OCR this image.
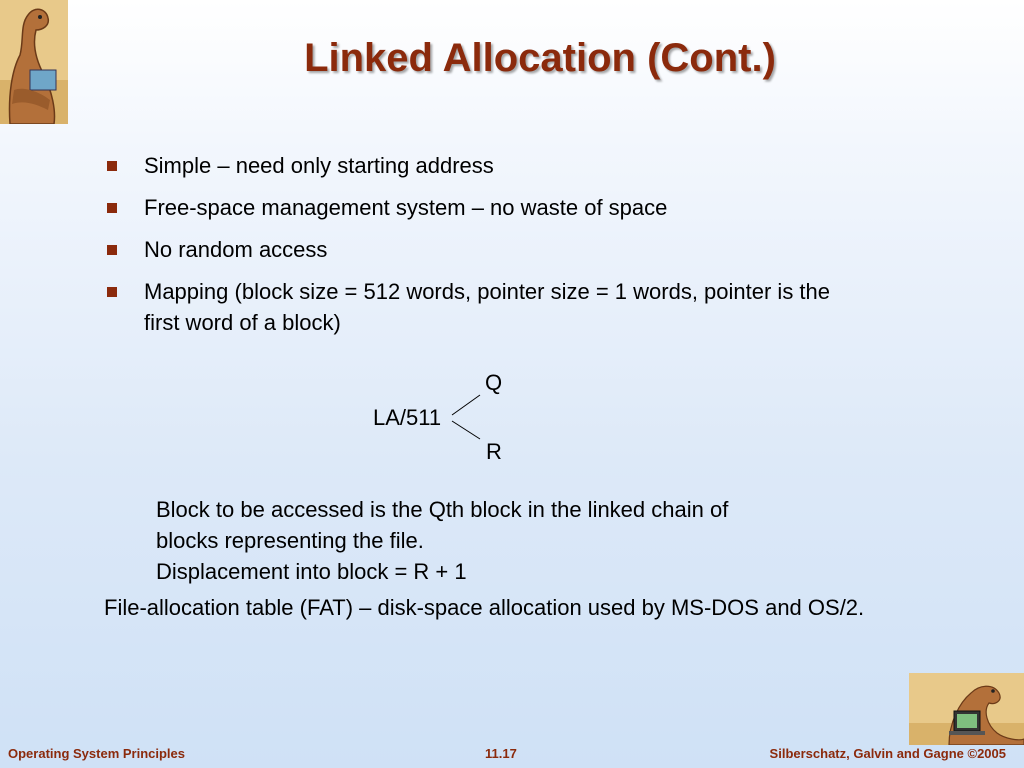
Linked Allocation (Cont.)
Simple – need only starting address
Free-space management system – no waste of space
No random access
Mapping (block size = 512 words, pointer size = 1 words, pointer is the first word of a block)
LA/511
Q
R
Block to be accessed is the Qth block in the linked chain of
blocks representing the file.
Displacement into block = R + 1
File-allocation table (FAT) – disk-space allocation used by MS-DOS and OS/2.
Operating System Principles	11.17	Silberschatz, Galvin and Gagne ©2005
